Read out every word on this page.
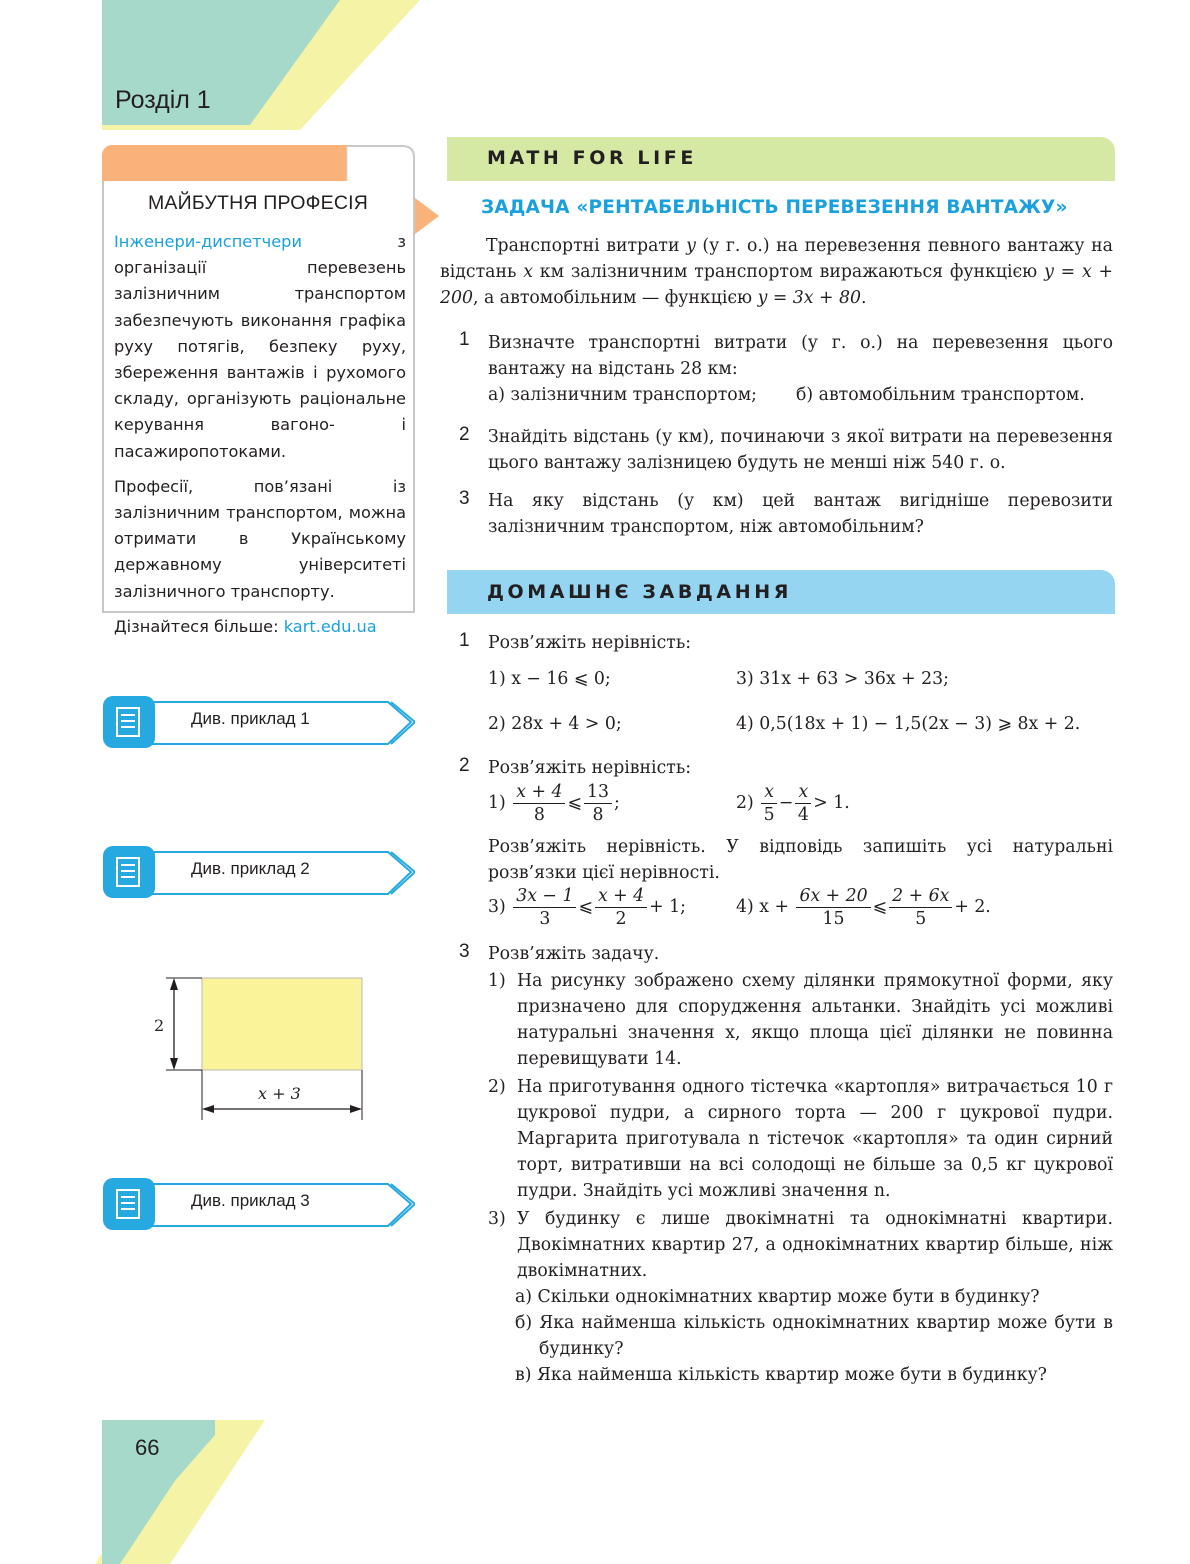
Розділ 1
66
МАЙБУТНЯ ПРОФЕСІЯ

Інженери-диспетчери з організації перевезень залізничним транспортом забезпечують виконання графіка руху потягів, безпеку руху, збереження вантажів і рухомого складу, організують раціональне керування вагоно- і пасажиропотоками.

Професії, пов’язані із залізничним транспортом, можна отримати в Українському державному університеті залізничного транспорту.

Дізнайтеся більше: kart.edu.ua

Див. приклад 1
Див. приклад 2
Див. приклад 3
2
x + 3
MATH FOR LIFE
ЗАДАЧА «РЕНТАБЕЛЬНІСТЬ ПЕРЕВЕЗЕННЯ ВАНТАЖУ»
Транспортні витрати y (у г. о.) на перевезення певного вантажу на відстань x км залізничним транспортом виражаються функцією y = x + 200, а автомобільним — функцією y = 3x + 80.
1 Визначте транспортні витрати (у г. о.) на перевезення цього вантажу на відстань 28 км:
а) залізничним транспортом; б) автомобільним транспортом.
2 Знайдіть відстань (у км), починаючи з якої витрати на перевезення цього вантажу залізницею будуть не менші ніж 540 г. о.
3 На яку відстань (у км) цей вантаж вигідніше перевозити залізничним транспортом, ніж автомобільним?
ДОМАШНЄ ЗАВДАННЯ
1 Розв’яжіть нерівність:
1) x − 16 ⩽ 0;	3) 31x + 63 > 36x + 23;
2) 28x + 4 > 0;	4) 0,5(18x + 1) − 1,5(2x − 3) ⩾ 8x + 2.
2 Розв’яжіть нерівність:
$1) \frac{x + 4}{8}$ ⩽ $\frac{13}{8}$ ;	$2) \frac{x}{5} - \frac{x}{4} > 1$.
Розв’яжіть нерівність. У відповідь запишіть усі натуральні розв’язки цієї нерівності.
$3) \frac{3x - 1}{3}$ ⩽ $\frac{x + 4}{2} + 1$;	4) $x + \frac{6x + 20}{15}$ ⩽ $\frac{2 + 6x}{5} + 2$.
3 Розв’яжіть задачу.
1) На рисунку зображено схему ділянки прямокутної форми, яку призначено для спорудження альтанки. Знайдіть усі можливі натуральні значення x, якщо площа цієї ділянки не повинна перевищувати 14.
2) На приготування одного тістечка «картопля» витрачається 10 г цукрової пудри, а сирного торта — 200 г цукрової пудри. Маргарита приготувала n тістечок «картопля» та один сирний торт, витративши на всі солодощі не більше за 0,5 кг цукрової пудри. Знайдіть усі можливі значення n.
3) У будинку є лише двокімнатні та однокімнатні квартири. Двокімнатних квартир 27, а однокімнатних квартир більше, ніж двокімнатних.
а) Скільки однокімнатних квартир може бути в будинку?
б) Яка найменша кількість однокімнатних квартир може бути в будинку?
в) Яка найменша кількість квартир може бути в будинку?
